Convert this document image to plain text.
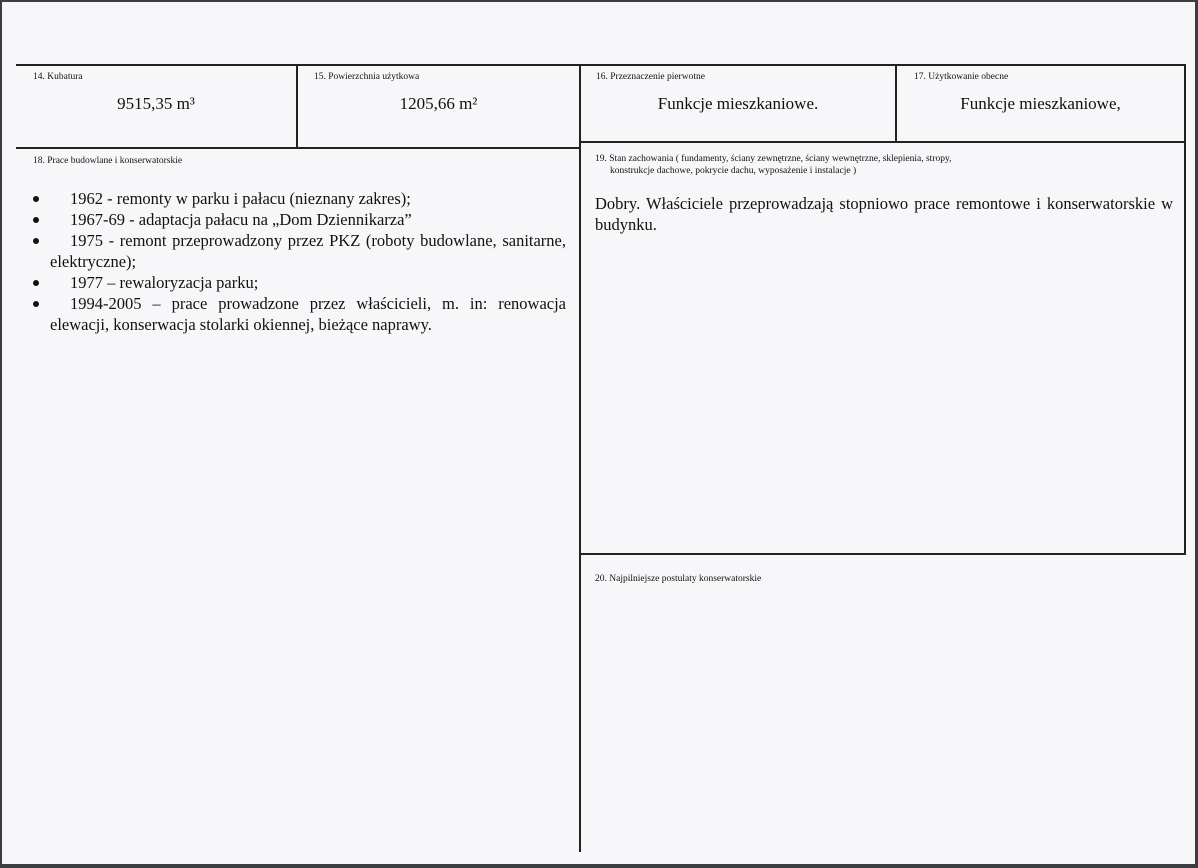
14. Kubatura
9515,35 m³
15. Powierzchnia użytkowa
1205,66 m²
16. Przeznaczenie pierwotne
Funkcje mieszkaniowe.
17. Użytkowanie obecne
Funkcje mieszkaniowe,
18. Prace budowlane i konserwatorskie
1962 - remonty w parku i pałacu (nieznany zakres);
1967-69 - adaptacja pałacu na „Dom Dziennikarza”
1975 - remont przeprowadzony przez PKZ (roboty budowlane, sanitarne, elektryczne);
1977 – rewaloryzacja parku;
1994-2005 – prace prowadzone przez właścicieli, m. in: renowacja elewacji, konserwacja stolarki okiennej, bieżące naprawy.
19. Stan zachowania ( fundamenty, ściany zewnętrzne, ściany wewnętrzne, sklepienia, stropy,
konstrukcje dachowe, pokrycie dachu, wyposażenie i instalacje )
Dobry. Właściciele przeprowadzają stopniowo prace remontowe i konserwatorskie w budynku.
20. Najpilniejsze postulaty konserwatorskie
